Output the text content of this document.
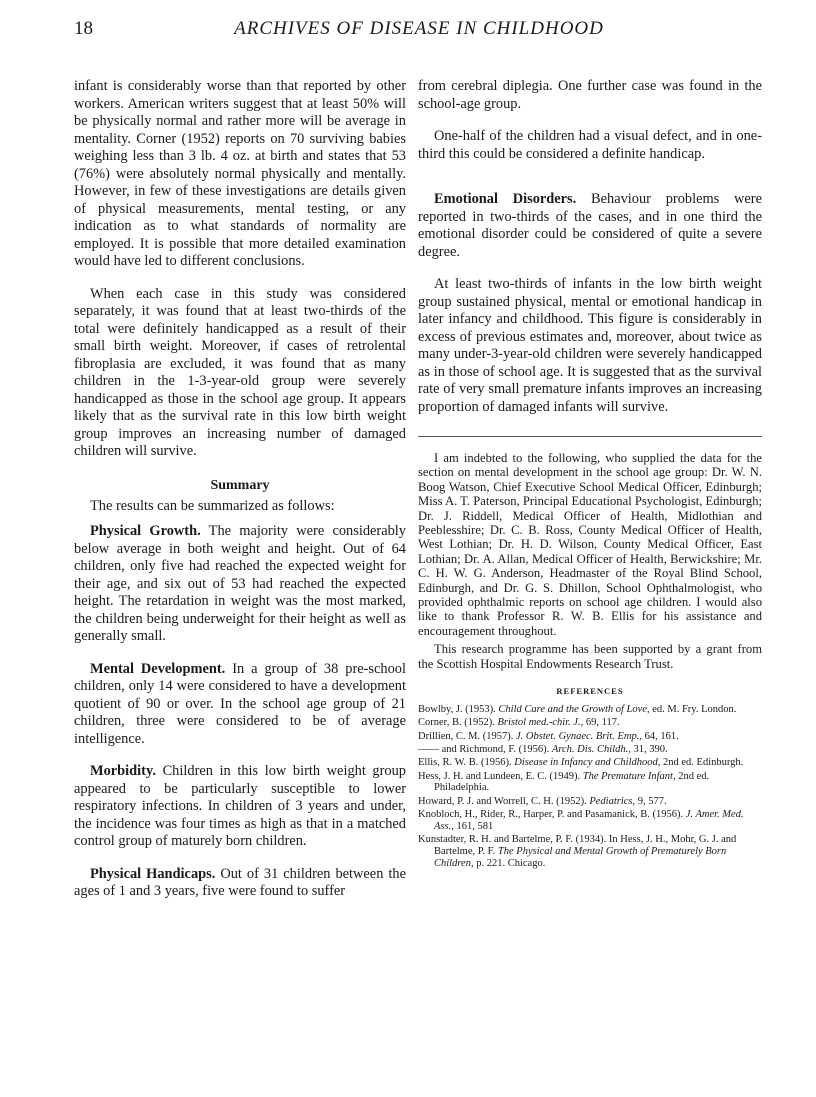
18	ARCHIVES OF DISEASE IN CHILDHOOD

infant is considerably worse than that reported by other workers. American writers suggest that at least 50% will be physically normal and rather more will be average in mentality. Corner (1952) reports on 70 surviving babies weighing less than 3 lb. 4 oz. at birth and states that 53 (76%) were absolutely normal physically and mentally. However, in few of these investigations are details given of physical measurements, mental testing, or any indication as to what standards of normality are employed. It is possible that more detailed examination would have led to different conclusions.

When each case in this study was considered separately, it was found that at least two-thirds of the total were definitely handicapped as a result of their small birth weight. Moreover, if cases of retrolental fibroplasia are excluded, it was found that as many children in the 1-3-year-old group were severely handicapped as those in the school age group. It appears likely that as the survival rate in this low birth weight group improves an increasing number of damaged children will survive.

Summary

The results can be summarized as follows:

Physical Growth. The majority were considerably below average in both weight and height. Out of 64 children, only five had reached the expected weight for their age, and six out of 53 had reached the expected height. The retardation in weight was the most marked, the children being underweight for their height as well as generally small.

Mental Development. In a group of 38 pre-school children, only 14 were considered to have a development quotient of 90 or over. In the school age group of 21 children, three were considered to be of average intelligence.

Morbidity. Children in this low birth weight group appeared to be particularly susceptible to lower respiratory infections. In children of 3 years and under, the incidence was four times as high as that in a matched control group of maturely born children.

Physical Handicaps. Out of 31 children between the ages of 1 and 3 years, five were found to suffer

from cerebral diplegia. One further case was found in the school-age group.

One-half of the children had a visual defect, and in one-third this could be considered a definite handicap.

Emotional Disorders. Behaviour problems were reported in two-thirds of the cases, and in one third the emotional disorder could be considered of quite a severe degree.

At least two-thirds of infants in the low birth weight group sustained physical, mental or emotional handicap in later infancy and childhood. This figure is considerably in excess of previous estimates and, moreover, about twice as many under-3-year-old children were severely handicapped as in those of school age. It is suggested that as the survival rate of very small premature infants improves an increasing proportion of damaged infants will survive.

I am indebted to the following, who supplied the data for the section on mental development in the school age group: Dr. W. N. Boog Watson, Chief Executive School Medical Officer, Edinburgh; Miss A. T. Paterson, Principal Educational Psychologist, Edinburgh; Dr. J. Riddell, Medical Officer of Health, Midlothian and Peeblesshire; Dr. C. B. Ross, County Medical Officer of Health, West Lothian; Dr. H. D. Wilson, County Medical Officer, East Lothian; Dr. A. Allan, Medical Officer of Health, Berwickshire; Mr. C. H. W. G. Anderson, Headmaster of the Royal Blind School, Edinburgh, and Dr. G. S. Dhillon, School Ophthalmologist, who provided ophthalmic reports on school age children. I would also like to thank Professor R. W. B. Ellis for his assistance and encouragement throughout.

This research programme has been supported by a grant from the Scottish Hospital Endowments Research Trust.

REFERENCES
Bowlby, J. (1953). Child Care and the Growth of Love, ed. M. Fry. London.
Corner, B. (1952). Bristol med.-chir. J., 69, 117.
Drillien, C. M. (1957). J. Obstet. Gynaec. Brit. Emp., 64, 161.
—— and Richmond, F. (1956). Arch. Dis. Childh., 31, 390.
Ellis, R. W. B. (1956). Disease in Infancy and Childhood, 2nd ed. Edinburgh.
Hess, J. H. and Lundeen, E. C. (1949). The Premature Infant, 2nd ed. Philadelphia.
Howard, P. J. and Worrell, C. H. (1952). Pediatrics, 9, 577.
Knobloch, H., Rider, R., Harper, P. and Pasamanick, B. (1956). J. Amer. Med. Ass., 161, 581
Kunstadter, R. H. and Bartelme, P. F. (1934). In Hess, J. H., Mohr, G. J. and Bartelme, P. F. The Physical and Mental Growth of Prematurely Born Children, p. 221. Chicago.
